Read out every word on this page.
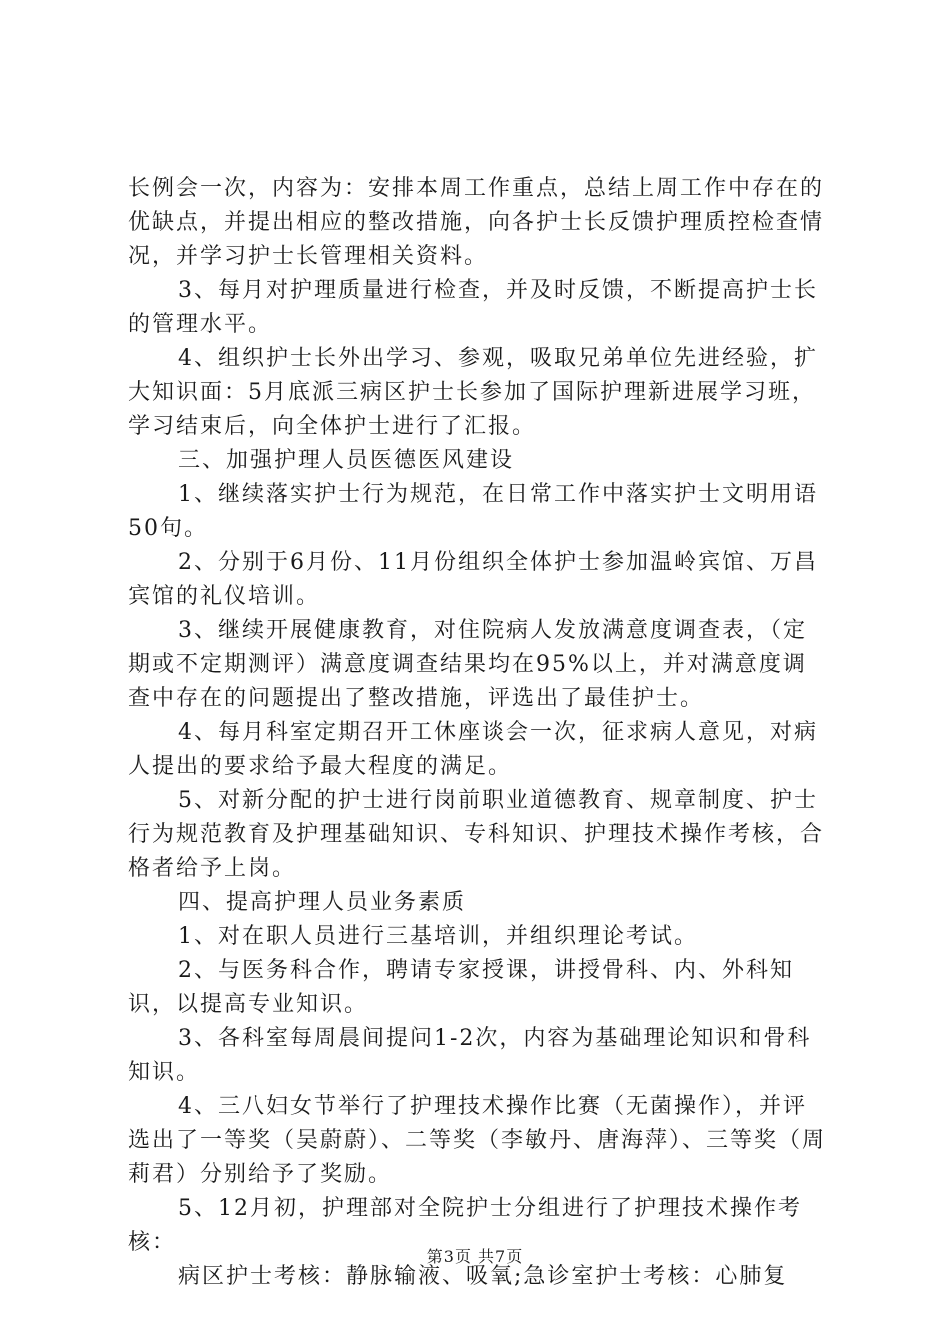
长例会一次，内容为：安排本周工作重点，总结上周工作中存在的优缺点，并提出相应的整改措施，向各护士长反馈护理质控检查情况，并学习护士长管理相关资料。

3、每月对护理质量进行检查，并及时反馈，不断提高护士长的管理水平。

4、组织护士长外出学习、参观，吸取兄弟单位先进经验，扩大知识面：5月底派三病区护士长参加了国际护理新进展学习班，学习结束后，向全体护士进行了汇报。

三、加强护理人员医德医风建设

1、继续落实护士行为规范，在日常工作中落实护士文明用语50句。

2、分别于6月份、11月份组织全体护士参加温岭宾馆、万昌宾馆的礼仪培训。

3、继续开展健康教育，对住院病人发放满意度调查表，（定期或不定期测评）满意度调查结果均在95%以上，并对满意度调查中存在的问题提出了整改措施，评选出了最佳护士。

4、每月科室定期召开工休座谈会一次，征求病人意见，对病人提出的要求给予最大程度的满足。

5、对新分配的护士进行岗前职业道德教育、规章制度、护士行为规范教育及护理基础知识、专科知识、护理技术操作考核，合格者给予上岗。

四、提高护理人员业务素质

1、对在职人员进行三基培训，并组织理论考试。

2、与医务科合作，聘请专家授课，讲授骨科、内、外科知识，以提高专业知识。

3、各科室每周晨间提问1-2次，内容为基础理论知识和骨科知识。

4、三八妇女节举行了护理技术操作比赛（无菌操作），并评选出了一等奖（吴蔚蔚）、二等奖（李敏丹、唐海萍）、三等奖（周莉君）分别给予了奖励。

5、12月初，护理部对全院护士分组进行了护理技术操作考核：

病区护士考核：静脉输液、吸氧;急诊室护士考核：心肺复

第3页 共7页
